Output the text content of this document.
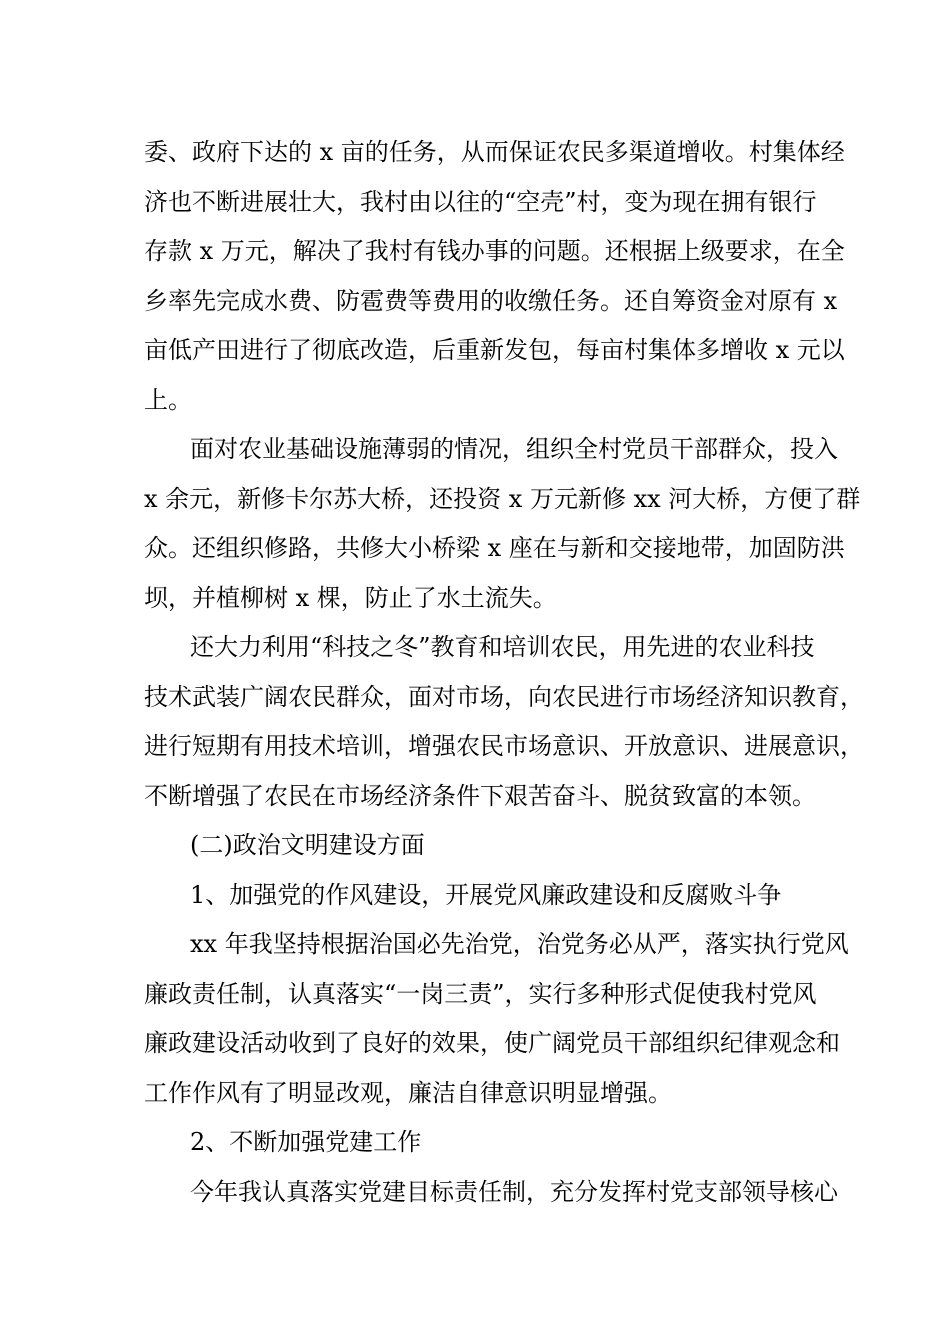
委、政府下达的 x 亩的任务，从而保证农民多渠道增收。村集体经
济也不断进展壮大，我村由以往的“空壳”村，变为现在拥有银行
存款 x 万元，解决了我村有钱办事的问题。还根据上级要求，在全
乡率先完成水费、防雹费等费用的收缴任务。还自筹资金对原有 x
亩低产田进行了彻底改造，后重新发包，每亩村集体多增收 x 元以
上。
面对农业基础设施薄弱的情况，组织全村党员干部群众，投入
x 余元，新修卡尔苏大桥，还投资 x 万元新修 xx 河大桥，方便了群
众。还组织修路，共修大小桥梁 x 座在与新和交接地带，加固防洪
坝，并植柳树 x 棵，防止了水土流失。
还大力利用“科技之冬”教育和培训农民，用先进的农业科技
技术武装广阔农民群众，面对市场，向农民进行市场经济知识教育，
进行短期有用技术培训，增强农民市场意识、开放意识、进展意识，
不断增强了农民在市场经济条件下艰苦奋斗、脱贫致富的本领。
(二)政治文明建设方面
1、加强党的作风建设，开展党风廉政建设和反腐败斗争
xx 年我坚持根据治国必先治党，治党务必从严，落实执行党风
廉政责任制，认真落实“一岗三责”，实行多种形式促使我村党风
廉政建设活动收到了良好的效果，使广阔党员干部组织纪律观念和
工作作风有了明显改观，廉洁自律意识明显增强。
2、不断加强党建工作
今年我认真落实党建目标责任制，充分发挥村党支部领导核心
